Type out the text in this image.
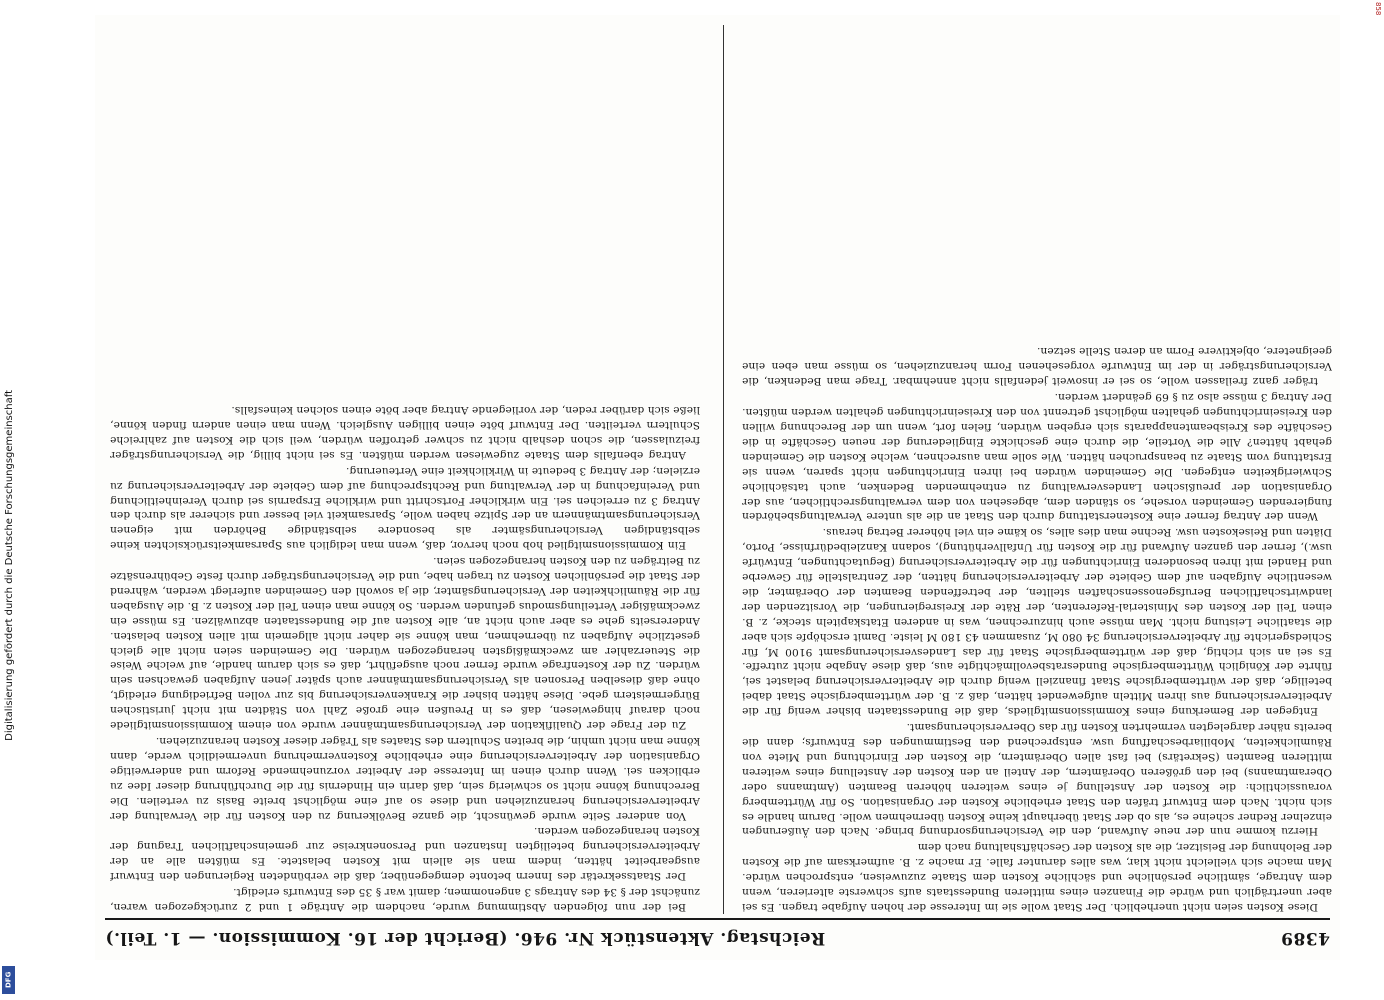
858
4389
Reichstag. Aktenstück Nr. 946. (Bericht der 16. Kommission. — 1. Teil.)

Bei der nun folgenden Abstimmung wurde, nachdem die Anträge 1 und 2 zurückgezogen waren, zunächst der § 34 des Antrags 3 angenommen; damit war § 35 des Entwurfs erledigt.

Der Staatssekretär des Innern betonte demgegenüber, daß die verbündeten Regierungen den Entwurf ausgearbeitet hätten, indem man sie allein mit Kosten belastete. Es müßten alle an der Arbeiterversicherung beteiligten Instanzen und Personenkreise zur gemeinschaftlichen Tragung der Kosten herangezogen werden.

Von anderer Seite wurde gewünscht, die ganze Bevölkerung zu den Kosten für die Verwaltung der Arbeiterversicherung heranzuziehen und diese so auf eine möglichst breite Basis zu verteilen. Die Berechnung könne nicht so schwierig sein, daß darin ein Hindernis für die Durchführung dieser Idee zu erblicken sei. Wenn durch einen im Interesse der Arbeiter vorzunehmende Reform und anderweitige Organisation der Arbeiterversicherung eine erhebliche Kostenvermehrung unvermeidlich werde, dann könne man nicht umhin, die breiten Schultern des Staates als Träger dieser Kosten heranzuziehen.

Zu der Frage der Qualifikation der Versicherungsamtmänner wurde von einem Kommissionsmitgliede noch darauf hingewiesen, daß es in Preußen eine große Zahl von Städten mit nicht juristischen Bürgermeistern gebe. Diese hätten bisher die Krankenversicherung bis zur vollen Befriedigung erledigt, ohne daß dieselben Personen als Versicherungsamtmänner auch später jenen Aufgaben gewachsen sein würden. Zu der Kostenfrage wurde ferner noch ausgeführt, daß es sich darum handle, auf welche Weise die Steuerzahler am zweckmäßigsten herangezogen würden. Die Gemeinden seien nicht alle gleich gesetzliche Aufgaben zu übernehmen, man könne sie daher nicht allgemein mit allen Kosten belasten. Andererseits gehe es aber auch nicht an, alle Kosten auf die Bundesstaaten abzuwälzen. Es müsse ein zweckmäßiger Verteilungsmodus gefunden werden. So könne man einen Teil der Kosten z. B. die Ausgaben für die Räumlichkeiten der Versicherungsämter, die ja sowohl den Gemeinden auferlegt werden, während der Staat die persönlichen Kosten zu tragen habe, und die Versicherungsträger durch feste Gebührensätze zu Beiträgen zu den Kosten herangezogen seien.

Ein Kommissionsmitglied hob noch hervor, daß, wenn man lediglich aus Sparsamkeitsrücksichten keine selbständigen Versicherungsämter als besondere selbständige Behörden mit eigenen Versicherungsamtmännern an der Spitze haben wolle, Sparsamkeit viel besser und sicherer als durch den Antrag 3 zu erreichen sei. Ein wirklicher Fortschritt und wirkliche Ersparnis sei durch Vereinheitlichung und Vereinfachung in der Verwaltung und Rechtsprechung auf dem Gebiete der Arbeiterversicherung zu erzielen; der Antrag 3 bedeute in Wirklichkeit eine Verteuerung.

Antrag ebenfalls dem Staate zugewiesen werden müßten. Es sei nicht billig, die Versicherungsträger freizulassen, die schon deshalb nicht zu schwer getroffen würden, weil sich die Kosten auf zahlreiche Schultern verteilten. Der Entwurf böte einen billigen Ausgleich. Wenn man einen andern finden könne, ließe sich darüber reden, der vorliegende Antrag aber böte einen solchen keinesfalls.

Diese Kosten seien nicht unerheblich. Der Staat wolle sie im Interesse der hohen Aufgabe tragen. Es sei aber unerträglich und würde die Finanzen eines mittleren Bundesstaats aufs schwerste alterieren, wenn dem Antrage, sämtliche persönliche und sächliche Kosten dem Staate zuzuweisen, entsprochen würde. Man mache sich vielleicht nicht klar, was alles darunter falle. Er mache z. B. aufmerksam auf die Kosten der Belohnung der Beisitzer, die als Kosten der Geschäftshaltung nach dem

Hierzu komme nun der neue Aufwand, den die Versicherungsordnung bringe. Nach den Äußerungen einzelner Redner scheine es, als ob der Staat überhaupt keine Kosten übernehmen wolle. Darum handle es sich nicht. Nach dem Entwurf träfen den Staat erhebliche Kosten der Organisation. So für Württemberg voraussichtlich: die Kosten der Anstellung je eines weiteren höheren Beamten (Amtmanns oder Oberamtmanns) bei den größeren Oberämtern, der Anteil an den Kosten der Anstellung eines weiteren mittleren Beamten (Sekretärs) bei fast allen Oberämtern, die Kosten der Einrichtung und Miete von Räumlichkeiten, Mobiliarbeschaffung usw. entsprechend den Bestimmungen des Entwurfs; dann die bereits näher dargelegten vermehrten Kosten für das Oberversicherungsamt.

Entgegen der Bemerkung eines Kommissionsmitglieds, daß die Bundesstaaten bisher wenig für die Arbeiterversicherung aus ihren Mitteln aufgewendet hätten, daß z. B. der württembergische Staat dabei beteilige, daß der württembergische Staat finanziell wenig durch die Arbeiterversicherung belastet sei, führte der Königlich Württembergische Bundesratsbevollmächtigte aus, daß diese Angabe nicht zutreffe. Es sei an sich richtig, daß der württembergische Staat für das Landesversicherungsamt 9100 M, für Schiedsgerichte für Arbeiterversicherung 34 080 M, zusammen 43 180 M leiste. Damit erschöpfe sich aber die staatliche Leistung nicht. Man müsse auch hinzurechnen, was in anderen Etatskapiteln stecke, z. B. einen Teil der Kosten des Ministerial-Referenten, der Räte der Kreisregierungen, die Vorsitzenden der landwirtschaftlichen Berufsgenossenschaften stellten, der betreffenden Beamten der Oberämter, die wesentliche Aufgaben auf dem Gebiete der Arbeiterversicherung hätten, der Zentralstelle für Gewerbe und Handel mit ihren besonderen Einrichtungen für die Arbeiterversicherung (Begutachtungen, Entwürfe usw.), ferner den ganzen Aufwand für die Kosten für Unfallverhütung), sodann Kanzleibedürfnisse, Porto, Diäten und Reisekosten usw. Rechne man dies alles, so käme ein viel höherer Betrag heraus.

Wenn der Antrag ferner eine Kostenerstattung durch den Staat an die als untere Verwaltungsbehörden fungierenden Gemeinden vorsehe, so ständen dem, abgesehen von dem verwaltungsrechtlichen, aus der Organisation der preußischen Landesverwaltung zu entnehmenden Bedenken, auch tatsächliche Schwierigkeiten entgegen. Die Gemeinden würden bei ihren Einrichtungen nicht sparen, wenn sie Erstattung vom Staate zu beanspruchen hätten. Wie solle man ausrechnen, welche Kosten die Gemeinden gehabt hätten? Alle die Vorteile, die durch eine geschickte Eingliederung der neuen Geschäfte in die Geschäfte des Kreisbeamtenapparats sich ergeben würden, fielen fort, wenn um der Berechnung willen den Kreiseinrichtungen gehalten möglichst getrennt von den Kreiseinrichtungen gehalten werden müßten. Der Antrag 3 müsse also zu § 69 geändert werden.

träger ganz freilassen wolle, so sei er insoweit jedenfalls nicht annehmbar. Trage man Bedenken, die Versicherungsträger in der im Entwurfe vorgesehenen Form heranzuziehen, so müsse man eben eine geeignetere, objektivere Form an deren Stelle setzen.

Digitalisierung gefördert durch die Deutsche Forschungsgemeinschaft
DFG
